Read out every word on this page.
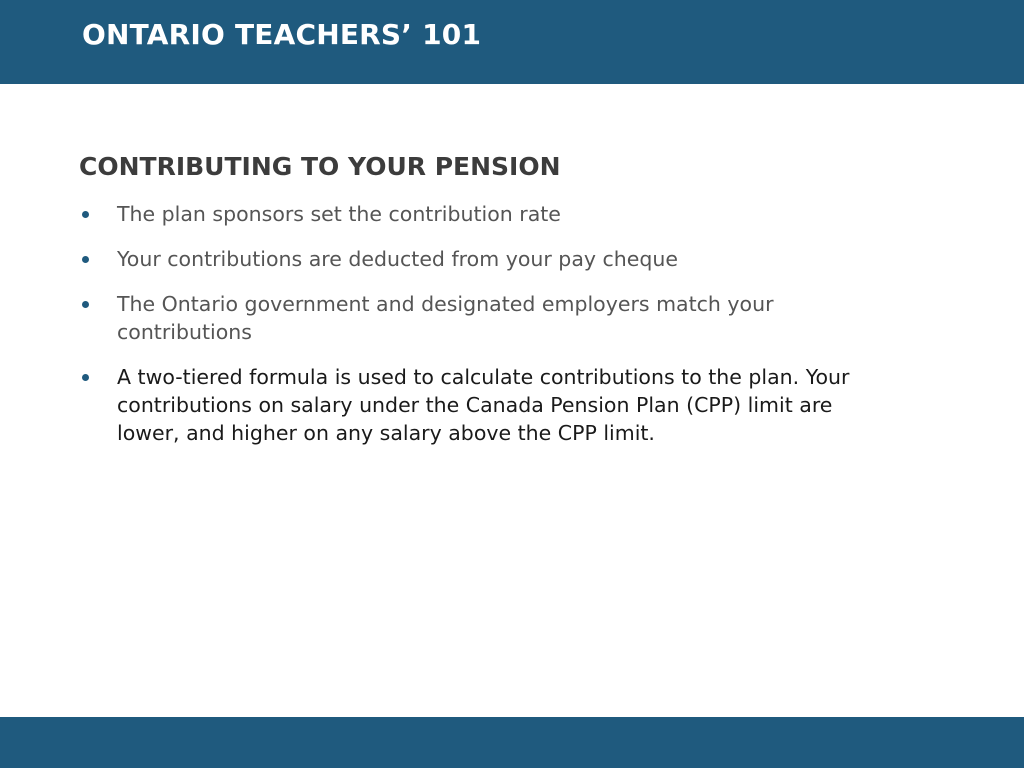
ONTARIO TEACHERS’ 101
CONTRIBUTING TO YOUR PENSION
The plan sponsors set the contribution rate
Your contributions are deducted from your pay cheque
The Ontario government and designated employers match your contributions
A two-tiered formula is used to calculate contributions to the plan. Your contributions on salary under the Canada Pension Plan (CPP) limit are lower, and higher on any salary above the CPP limit.
